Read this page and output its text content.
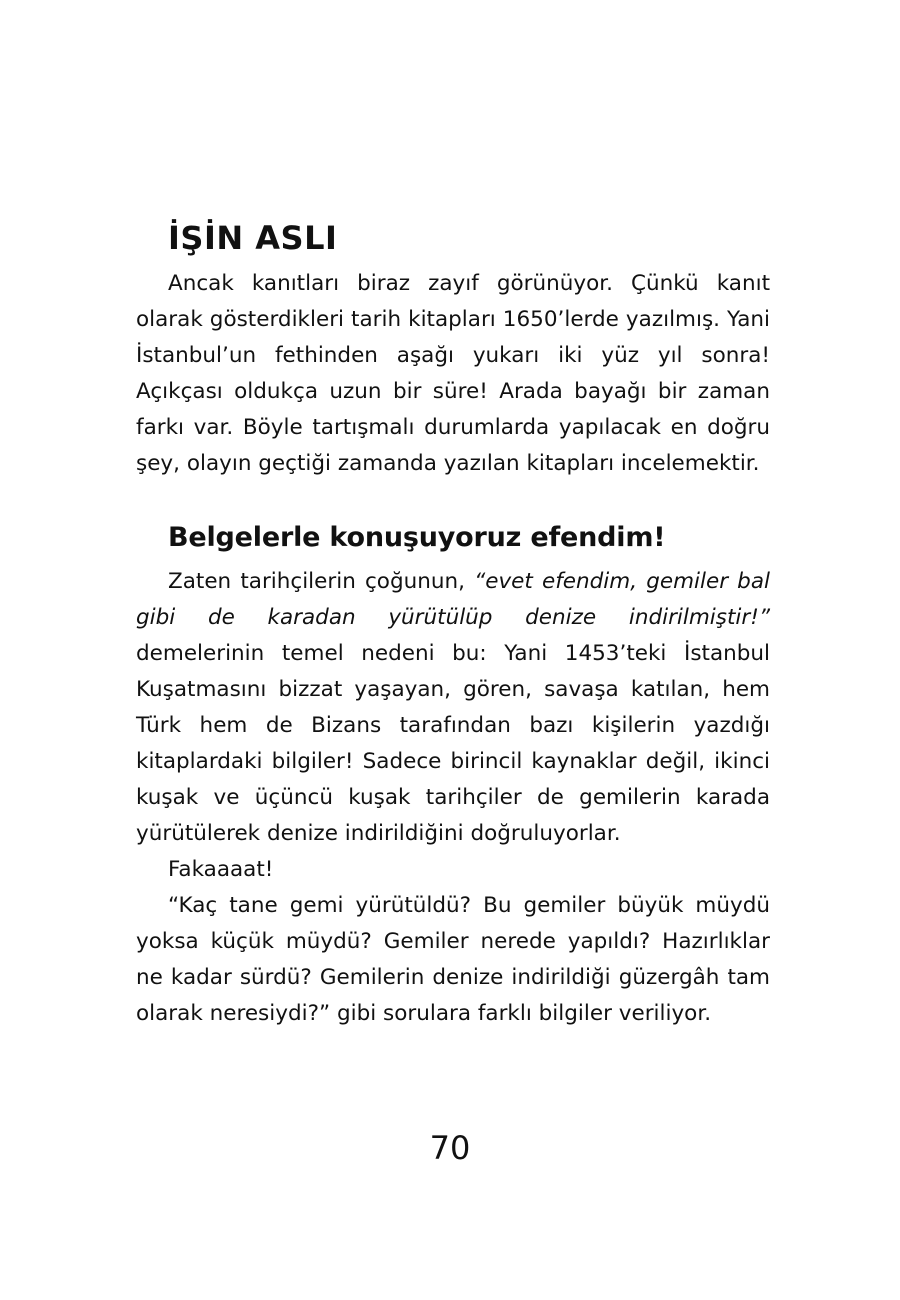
İŞİN ASLI

Ancak kanıtları biraz zayıf görünüyor. Çünkü kanıt olarak gösterdikleri tarih kitapları 1650’lerde yazılmış. Yani İstanbul’un fethinden aşağı yukarı iki yüz yıl sonra! Açıkçası oldukça uzun bir süre! Arada bayağı bir zaman farkı var. Böyle tartışmalı durumlarda yapılacak en doğru şey, olayın geçtiği zamanda yazılan kitapları incelemektir.

Belgelerle konuşuyoruz efendim!

Zaten tarihçilerin çoğunun, “evet efendim, gemiler bal gibi de karadan yürütülüp denize indirilmiştir!” demelerinin temel nedeni bu: Yani 1453’teki İstanbul Kuşatmasını bizzat yaşayan, gören, savaşa katılan, hem Türk hem de Bizans tarafından bazı kişilerin yazdığı kitaplardaki bilgiler! Sadece birincil kaynaklar değil, ikinci kuşak ve üçüncü kuşak tarihçiler de gemilerin karada yürütülerek denize indirildiğini doğruluyorlar.

Fakaaaat!

“Kaç tane gemi yürütüldü? Bu gemiler büyük müydü yoksa küçük müydü? Gemiler nerede yapıldı? Hazırlıklar ne kadar sürdü? Gemilerin denize indirildiği güzergâh tam olarak neresiydi?” gibi sorulara farklı bilgiler veriliyor.

70
